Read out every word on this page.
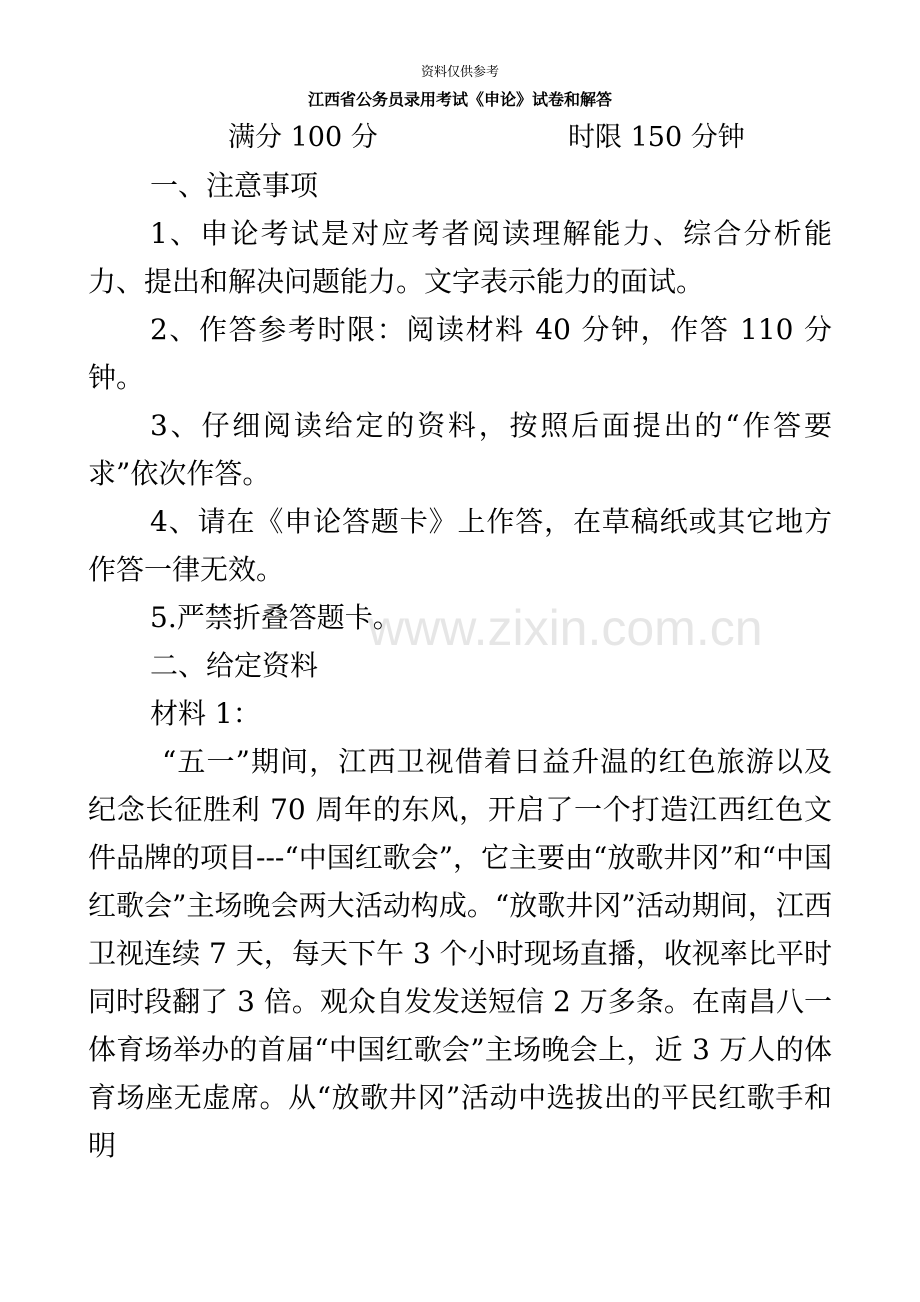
资料仅供参考
江西省公务员录用考试《申论》试卷和解答
满分 100 分	时限 150 分钟

一、注意事项

1、申论考试是对应考者阅读理解能力、综合分析能力、提出和解决问题能力。文字表示能力的面试。

2、作答参考时限：阅读材料 40 分钟，作答 110 分钟。

3、仔细阅读给定的资料，按照后面提出的“作答要求”依次作答。

4、请在《申论答题卡》上作答，在草稿纸或其它地方作答一律无效。

5.严禁折叠答题卡。

二、给定资料

材料 1：

“五一”期间，江西卫视借着日益升温的红色旅游以及纪念长征胜利 70 周年的东风，开启了一个打造江西红色文件品牌的项目---“中国红歌会”，它主要由“放歌井冈”和“中国红歌会”主场晚会两大活动构成。“放歌井冈”活动期间，江西卫视连续 7 天，每天下午 3 个小时现场直播，收视率比平时同时段翻了 3 倍。观众自发发送短信 2 万多条。在南昌八一体育场举办的首届“中国红歌会”主场晚会上，近 3 万人的体育场座无虚席。从“放歌井冈”活动中选拔出的平民红歌手和明

www.zixin.com.cn
